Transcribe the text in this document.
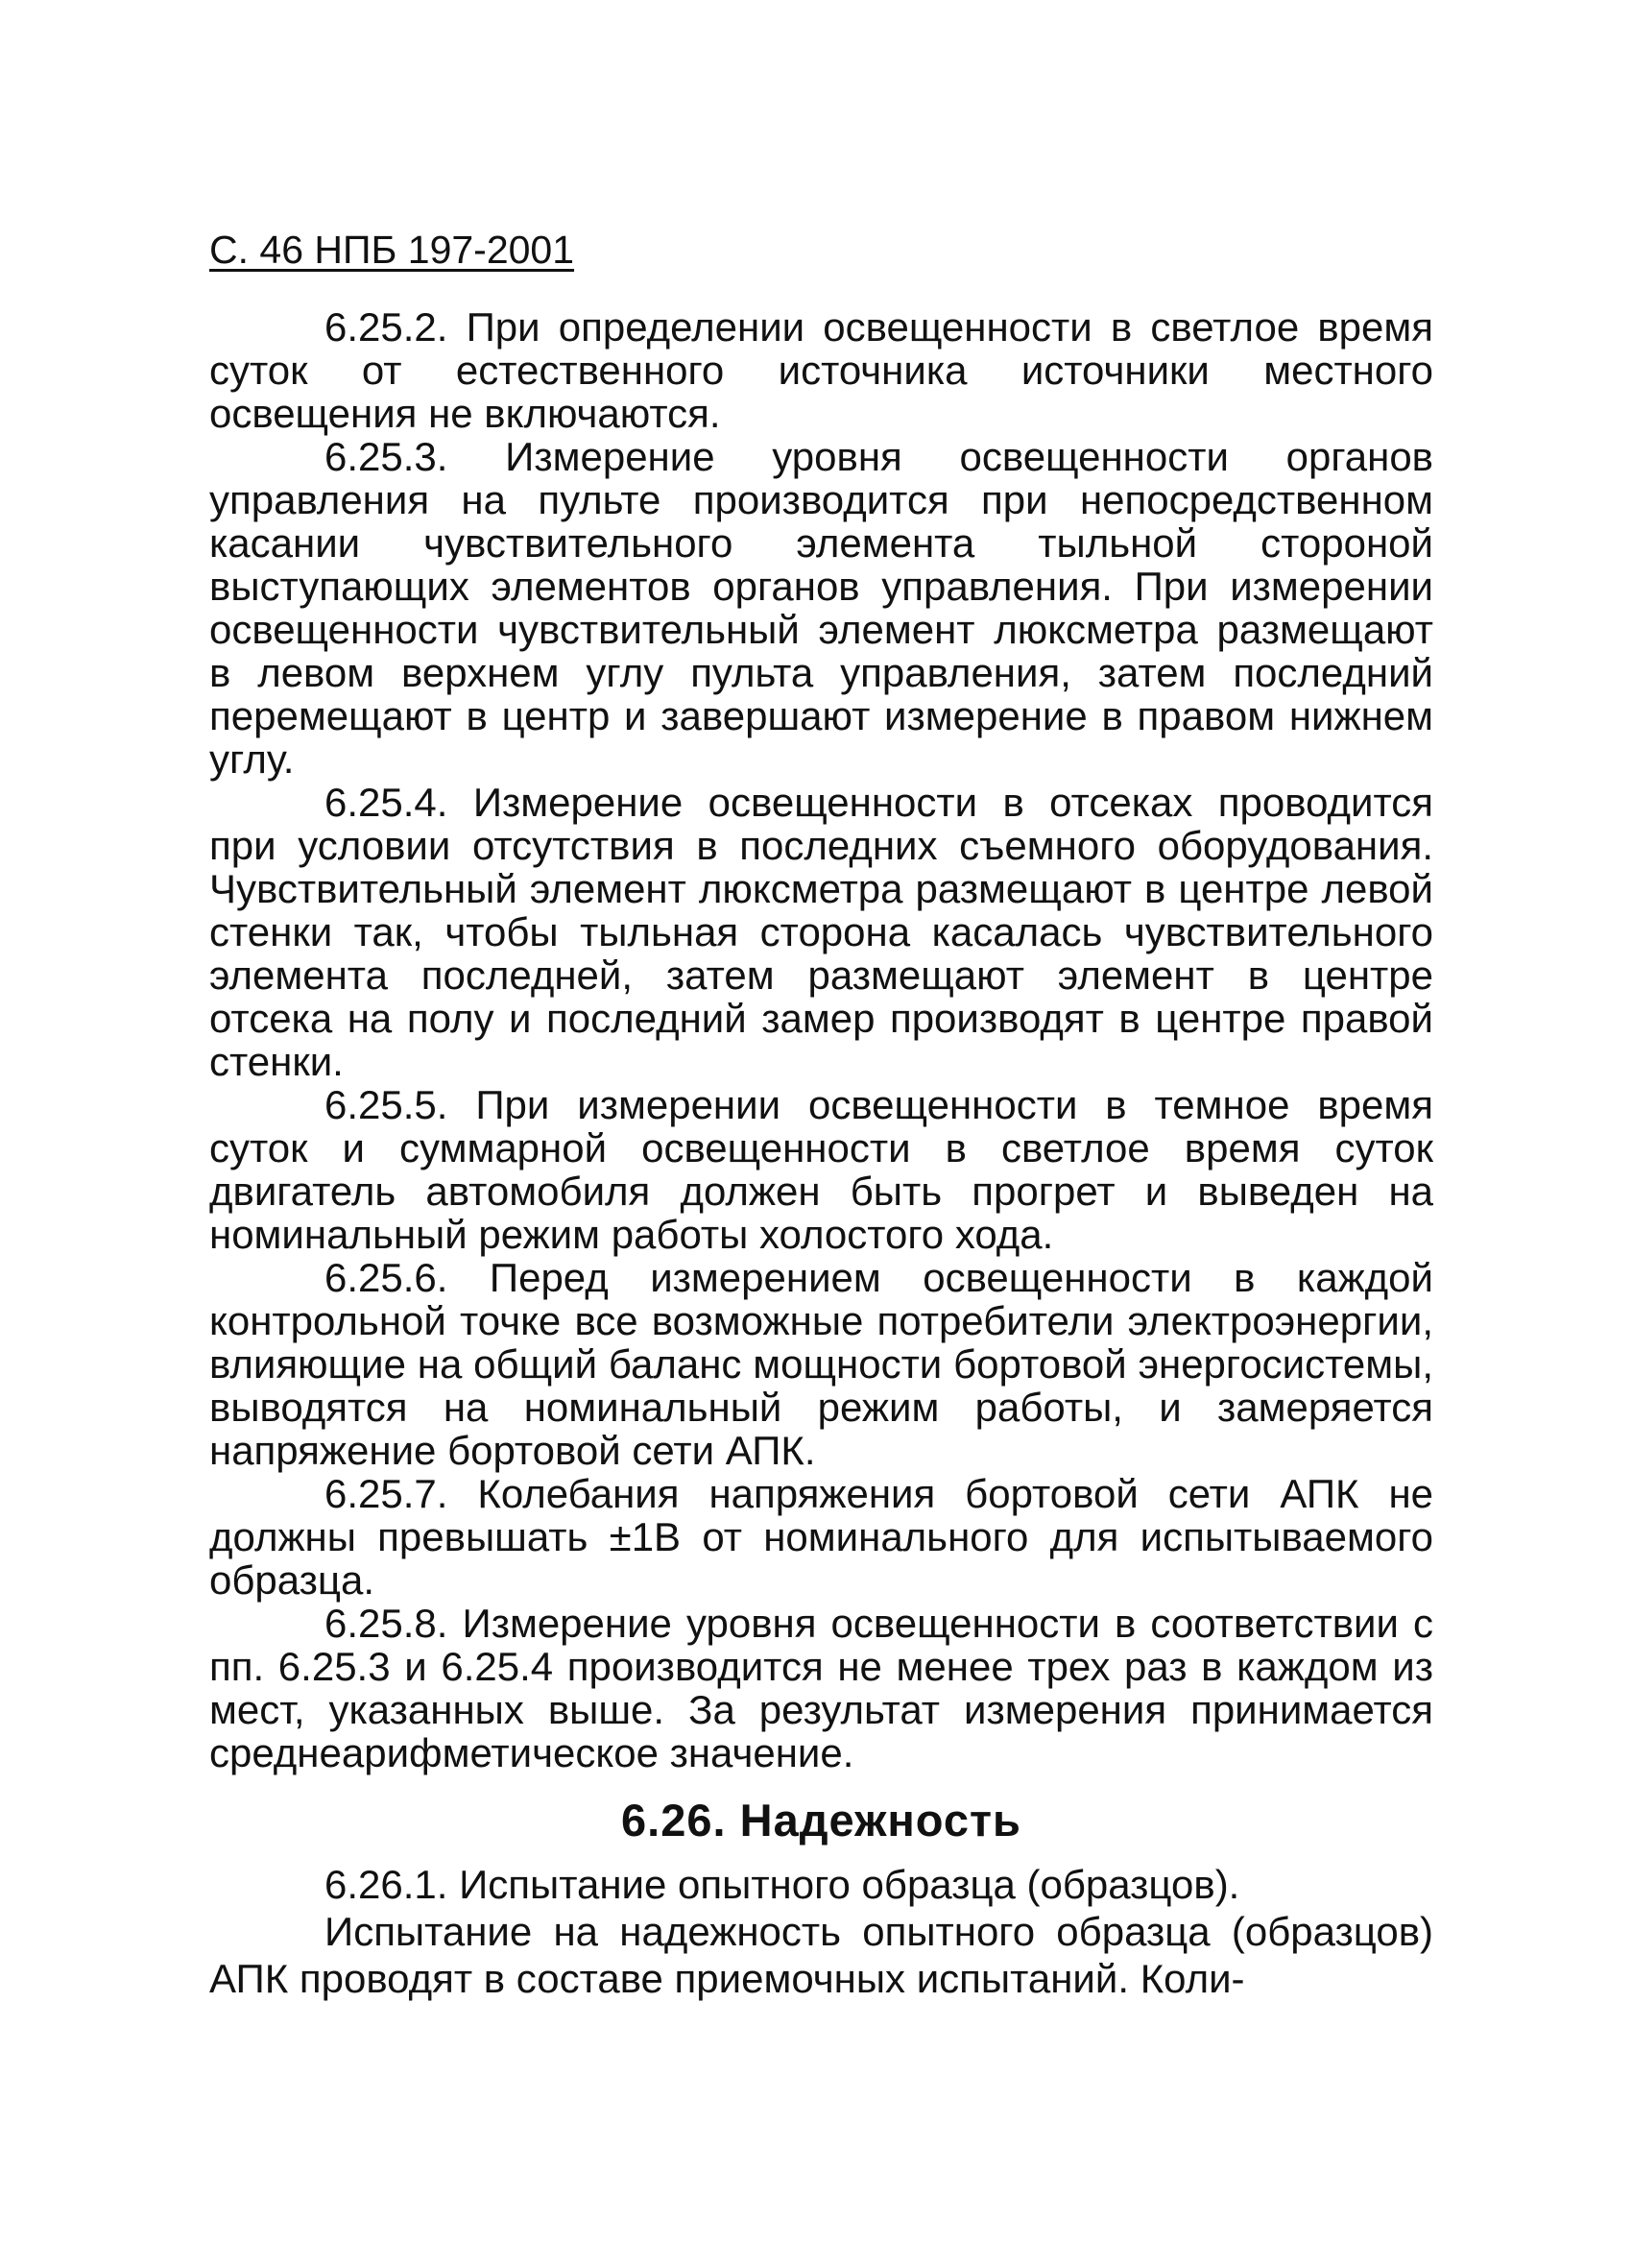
С. 46 НПБ 197-2001

6.25.2. При определении освещенности в светлое время суток от естественного источника источники местного освещения не включаются.

6.25.3. Измерение уровня освещенности органов управления на пульте производится при непосредственном касании чувствительного элемента тыльной стороной выступающих элементов органов управления. При измерении освещенности чувствительный элемент люксметра размещают в левом верхнем углу пульта управления, затем последний перемещают в центр и завершают измерение в правом нижнем углу.

6.25.4. Измерение освещенности в отсеках проводится при условии отсутствия в последних съемного оборудования. Чувствительный элемент люксметра размещают в центре левой стенки так, чтобы тыльная сторона касалась чувствительного элемента последней, затем размещают элемент в центре отсека на полу и последний замер производят в центре правой стенки.

6.25.5. При измерении освещенности в темное время суток и суммарной освещенности в светлое время суток двигатель автомобиля должен быть прогрет и выведен на номинальный режим работы холостого хода.

6.25.6. Перед измерением освещенности в каждой контрольной точке все возможные потребители электроэнергии, влияющие на общий баланс мощности бортовой энергосистемы, выводятся на номинальный режим работы, и замеряется напряжение бортовой сети АПК.

6.25.7. Колебания напряжения бортовой сети АПК не должны превышать ±1В от номинального для испытываемого образца.

6.25.8. Измерение уровня освещенности в соответствии с пп. 6.25.3 и 6.25.4 производится не менее трех раз в каждом из мест, указанных выше. За результат измерения принимается среднеарифметическое значение.

6.26. Надежность

6.26.1. Испытание опытного образца (образцов).

Испытание на надежность опытного образца (образцов) АПК проводят в составе приемочных испытаний. Коли-
